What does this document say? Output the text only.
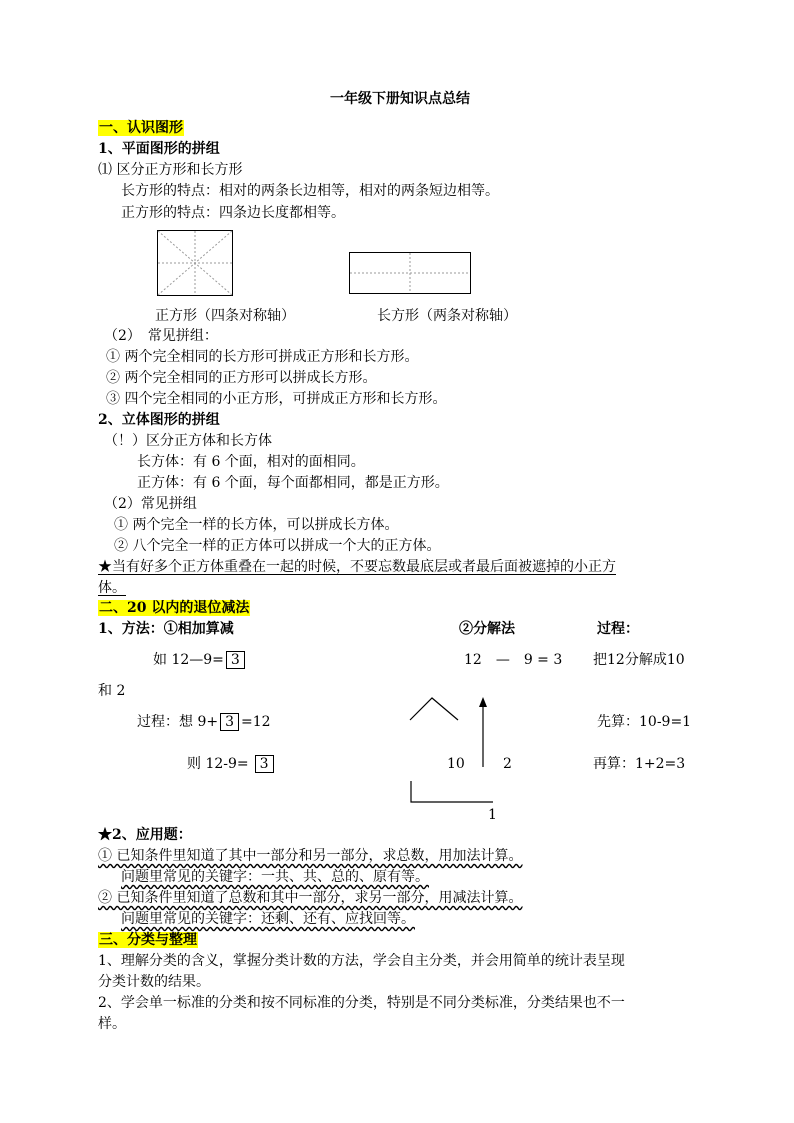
一年级下册知识点总结
一、认识图形
1、平面图形的拼组
⑴ 区分正方形和长方形
长方形的特点：相对的两条长边相等，相对的两条短边相等。
正方形的特点：四条边长度都相等。
正方形（四条对称轴）	长方形（两条对称轴）
（2）　 常见拼组：
① 两个完全相同的长方形可拼成正方形和长方形。
② 两个完全相同的正方形可以拼成长方形。
③ 四个完全相同的小正方形，可拼成正方形和长方形。
2、立体图形的拼组
（！）区分正方体和长方体
长方体：有 6 个面，相对的面相同。
正方体：有 6 个面，每个面都相同，都是正方形。
（2）常见拼组
① 两个完全一样的长方体，可以拼成长方体。
② 八个完全一样的正方体可以拼成一个大的正方体。
★当有好多个正方体重叠在一起的时候，不要忘数最底层或者最后面被遮掉的小正方
体。
二、20 以内的退位减法
1、方法：①相加算减	②分解法	过程：
如 12—9= 3	12　—　9 = 3 把12分解成10
和 2
过程：想 9+ 3 =12	先算：10-9=1
则 12-9= 3	10	2	再算：1+2=3
1
★2、应用题：
① 已知条件里知道了其中一部分和另一部分，求总数，用加法计算。
问题里常见的关键字：一共、共、总的、原有等。
② 已知条件里知道了总数和其中一部分，求另一部分，用减法计算。
问题里常见的关键字：还剩、还有、应找回等。
三、分类与整理
1、理解分类的含义，掌握分类计数的方法，学会自主分类，并会用简单的统计表呈现
分类计数的结果。
2、学会单一标准的分类和按不同标准的分类，特别是不同分类标准，分类结果也不一
样。
